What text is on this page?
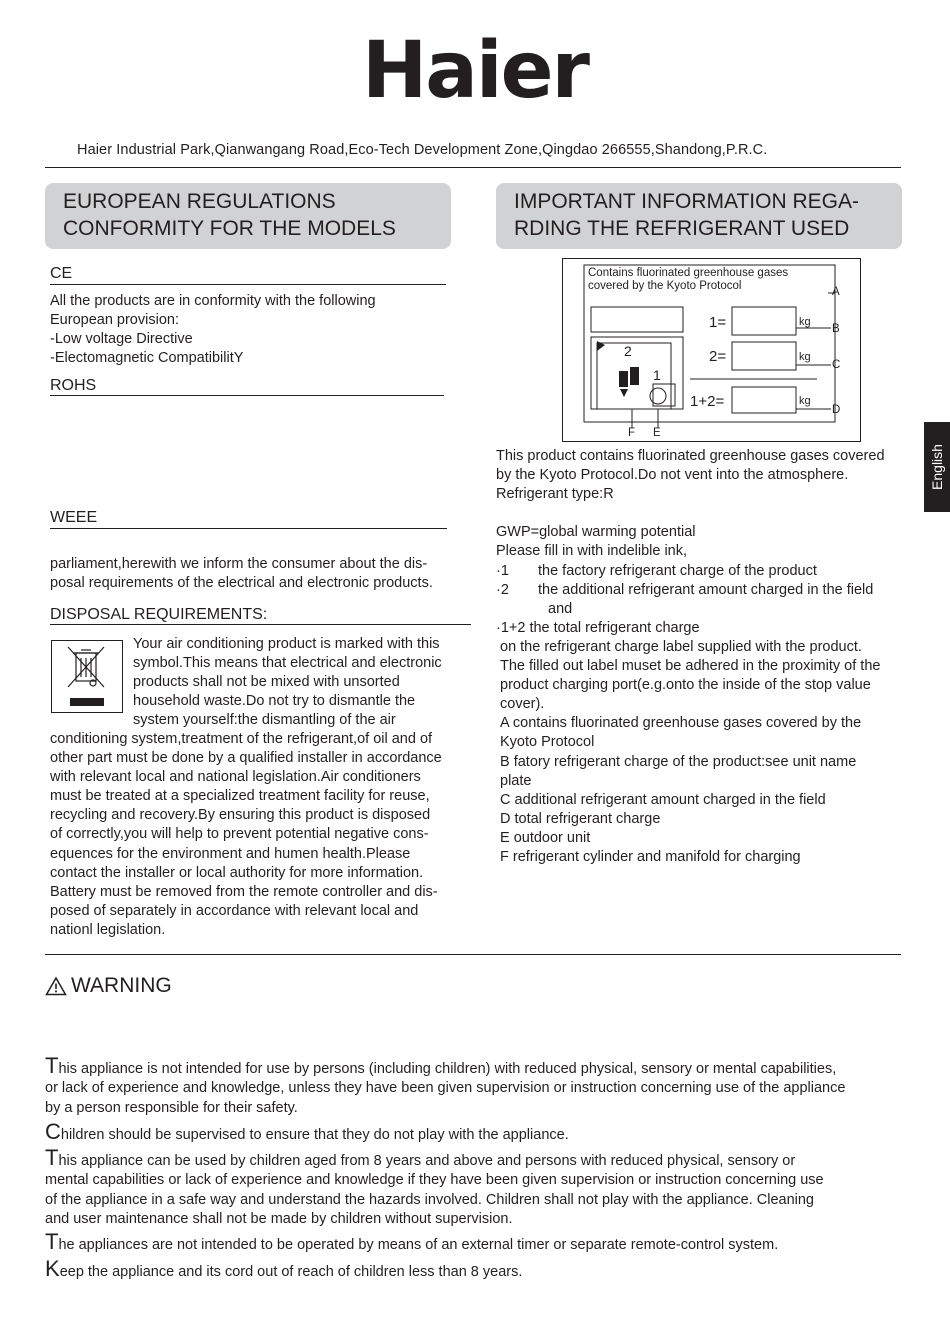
Haier
Haier Industrial Park,Qianwangang Road,Eco-Tech Development Zone,Qingdao 266555,Shandong,P.R.C.
EUROPEAN REGULATIONS
CONFORMITY FOR THE MODELS
CE
All the products are in conformity with the following
European provision:
-Low voltage Directive
-Electomagnetic CompatibilitY
ROHS
WEEE
parliament,herewith we inform the consumer about the dis-
posal requirements of the electrical and electronic products.
DISPOSAL REQUIREMENTS:
Your air conditioning product is marked with this
symbol.This means that electrical and electronic
products shall not be mixed with unsorted
household waste.Do not try to dismantle the
system yourself:the dismantling of the air
conditioning system,treatment of the refrigerant,of oil and of
other part must be done by a qualified installer in accordance
with relevant local and national legislation.Air conditioners
must be treated at a specialized treatment facility for reuse,
recycling and recovery.By ensuring this product is disposed
of correctly,you will help to prevent potential negative cons-
equences for the environment and humen health.Please
contact the installer or local authority for more information.
Battery must be removed from the remote controller and dis-
posed of separately in accordance with relevant local and
nationl legislation.
IMPORTANT INFORMATION REGA-
RDING THE REFRIGERANT USED
Contains fluorinated greenhouse gases
covered by the Kyoto Protocol
1=
2=
1+2=
kg
kg
kg
A
B
C
D
F E
2
1
This product contains fluorinated greenhouse gases covered
by the Kyoto Protocol.Do not vent into the atmosphere.
Refrigerant type:R
GWP=global warming potential
Please fill in with indelible ink,
·1 the factory refrigerant charge of the product
·2 the additional refrigerant amount charged in the field
and
·1+2 the total refrigerant charge
on the refrigerant charge label supplied with the product.
The filled out label muset be adhered in the proximity of the
product charging port(e.g.onto the inside of the stop value
cover).
A contains fluorinated greenhouse gases covered by the
Kyoto Protocol
B fatory refrigerant charge of the product:see unit name
plate
C additional refrigerant amount charged in the field
D total refrigerant charge
E outdoor unit
F refrigerant cylinder and manifold for charging
English
WARNING
This appliance is not intended for use by persons (including children) with reduced physical, sensory or mental capabilities,
or lack of experience and knowledge, unless they have been given supervision or instruction concerning use of the appliance
by a person responsible for their safety.
Children should be supervised to ensure that they do not play with the appliance.
This appliance can be used by children aged from 8 years and above and persons with reduced physical, sensory or
mental capabilities or lack of experience and knowledge if they have been given supervision or instruction concerning use
of the appliance in a safe way and understand the hazards involved. Children shall not play with the appliance. Cleaning
and user maintenance shall not be made by children without supervision.
The appliances are not intended to be operated by means of an external timer or separate remote-control system.
Keep the appliance and its cord out of reach of children less than 8 years.
